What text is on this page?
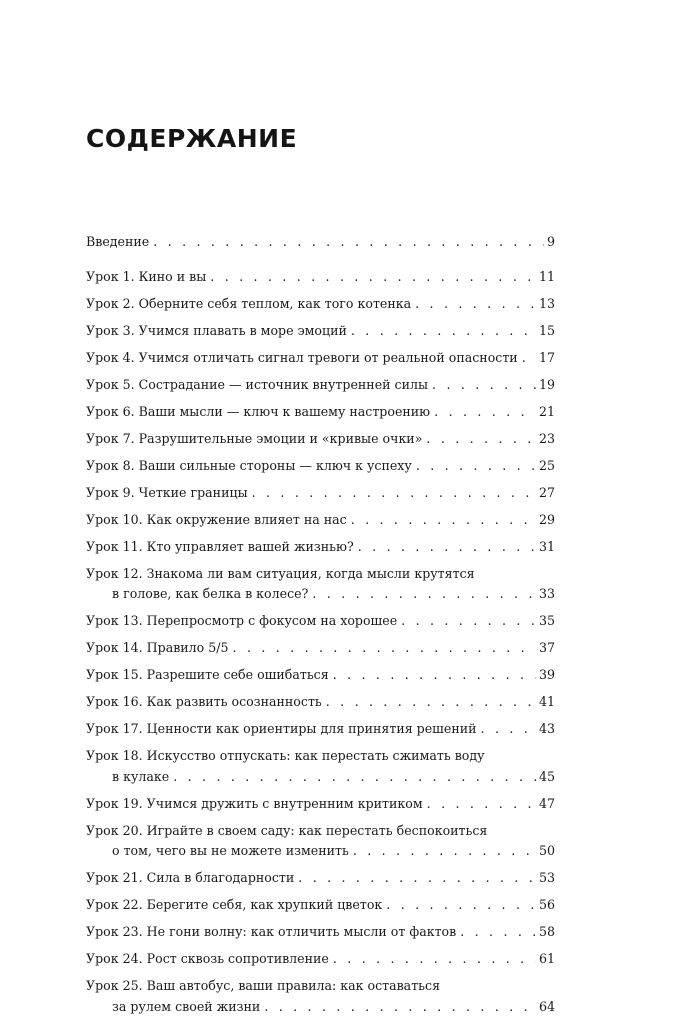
СОДЕРЖАНИЕ
Введение . . .	9
Урок 1. Кино и вы . . .	11
Урок 2. Оберните себя теплом, как того котенка . . .	13
Урок 3. Учимся плавать в море эмоций . . .	15
Урок 4. Учимся отличать сигнал тревоги от реальной опасности . . .	17
Урок 5. Сострадание — источник внутренней силы . . .	19
Урок 6. Ваши мысли — ключ к вашему настроению . . .	21
Урок 7. Разрушительные эмоции и «кривые очки» . . .	23
Урок 8. Ваши сильные стороны — ключ к успеху . . .	25
Урок 9. Четкие границы . . .	27
Урок 10. Как окружение влияет на нас . . .	29
Урок 11. Кто управляет вашей жизнью? . . .	31
Урок 12. Знакома ли вам ситуация, когда мысли крутятся
в голове, как белка в колесе? . . .	33
Урок 13. Перепросмотр с фокусом на хорошее . . .	35
Урок 14. Правило 5/5 . . .	37
Урок 15. Разрешите себе ошибаться . . .	39
Урок 16. Как развить осознанность . . .	41
Урок 17. Ценности как ориентиры для принятия решений . . .	43
Урок 18. Искусство отпускать: как перестать сжимать воду
в кулаке . . .	45
Урок 19. Учимся дружить с внутренним критиком . . .	47
Урок 20. Играйте в своем саду: как перестать беспокоиться
о том, чего вы не можете изменить . . .	50
Урок 21. Сила в благодарности . . .	53
Урок 22. Берегите себя, как хрупкий цветок . . .	56
Урок 23. Не гони волну: как отличить мысли от фактов . . .	58
Урок 24. Рост сквозь сопротивление . . .	61
Урок 25. Ваш автобус, ваши правила: как оставаться
за рулем своей жизни . . .	64
